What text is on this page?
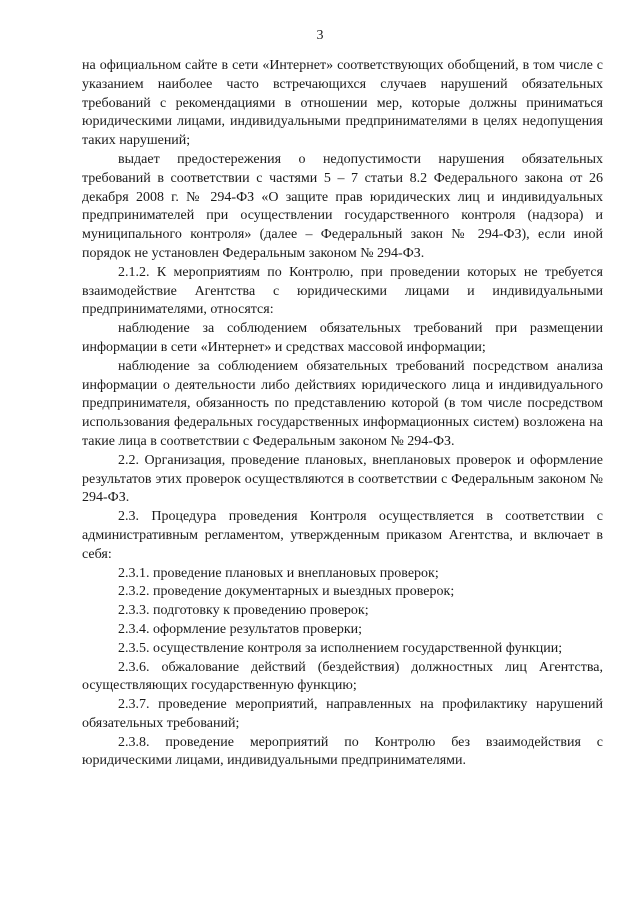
3

на официальном сайте в сети «Интернет» соответствующих обобщений, в том числе с указанием наиболее часто встречающихся случаев нарушений обязательных требований с рекомендациями в отношении мер, которые должны приниматься юридическими лицами, индивидуальными предпринимателями в целях недопущения таких нарушений;

выдает предостережения о недопустимости нарушения обязательных требований в соответствии с частями 5 – 7 статьи 8.2 Федерального закона от 26 декабря 2008 г. № 294-ФЗ «О защите прав юридических лиц и индивидуальных предпринимателей при осуществлении государственного контроля (надзора) и муниципального контроля» (далее – Федеральный закон № 294-ФЗ), если иной порядок не установлен Федеральным законом № 294-ФЗ.

2.1.2. К мероприятиям по Контролю, при проведении которых не требуется взаимодействие Агентства с юридическими лицами и индивидуальными предпринимателями, относятся:

наблюдение за соблюдением обязательных требований при размещении информации в сети «Интернет» и средствах массовой информации;

наблюдение за соблюдением обязательных требований посредством анализа информации о деятельности либо действиях юридического лица и индивидуального предпринимателя, обязанность по представлению которой (в том числе посредством использования федеральных государственных информационных систем) возложена на такие лица в соответствии с Федеральным законом № 294-ФЗ.

2.2. Организация, проведение плановых, внеплановых проверок и оформление результатов этих проверок осуществляются в соответствии с Федеральным законом № 294-ФЗ.

2.3. Процедура проведения Контроля осуществляется в соответствии с административным регламентом, утвержденным приказом Агентства, и включает в себя:

2.3.1. проведение плановых и внеплановых проверок;

2.3.2. проведение документарных и выездных проверок;

2.3.3. подготовку к проведению проверок;

2.3.4. оформление результатов проверки;

2.3.5. осуществление контроля за исполнением государственной функции;

2.3.6. обжалование действий (бездействия) должностных лиц Агентства, осуществляющих государственную функцию;

2.3.7. проведение мероприятий, направленных на профилактику нарушений обязательных требований;

2.3.8. проведение мероприятий по Контролю без взаимодействия с юридическими лицами, индивидуальными предпринимателями.
